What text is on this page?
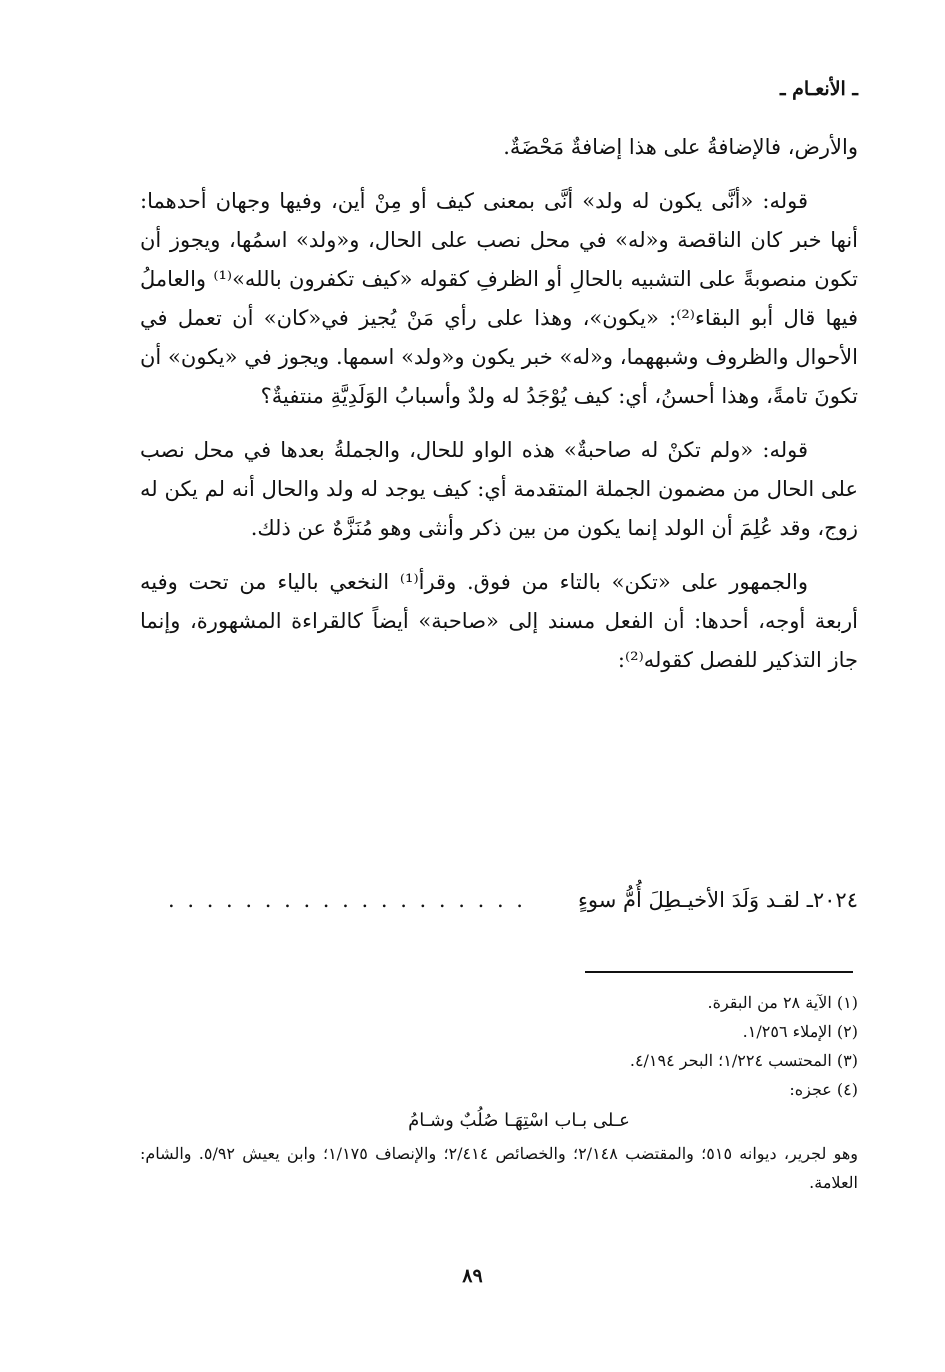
ـ الأنعـام ـ

والأرض، فالإضافةُ على هذا إضافةٌ مَحْضَةٌ.

قوله: «أنَّى يكون له ولد» أنَّى بمعنى كيف أو مِنْ أين، وفيها وجهان أحدهما: أنها خبر كان الناقصة و«له» في محل نصب على الحال، و«ولد» اسمُها، ويجوز أن تكون منصوبةً على التشبيه بالحالِ أو الظرفِ كقوله «كيف تكفرون بالله»⁽¹⁾ والعاملُ فيها قال أبو البقاء⁽²⁾: «يكون»، وهذا على رأي مَنْ يُجيز في«كان» أن تعمل في الأحوال والظروف وشبههما، و«له» خبر يكون و«ولد» اسمها. ويجوز في «يكون» أن تكونَ تامةً، وهذا أحسنُ، أي: كيف يُوْجَدُ له ولدٌ وأسبابُ الوَلَدِيَّةِ منتفيةٌ؟

قوله: «ولم تكنْ له صاحبةٌ» هذه الواو للحال، والجملةُ بعدها في محل نصب على الحال من مضمون الجملة المتقدمة أي: كيف يوجد له ولد والحال أنه لم يكن له زوج، وقد عُلِمَ أن الولد إنما يكون من بين ذكر وأنثى وهو مُنَزَّهٌ عن ذلك.

والجمهور على «تكن» بالتاء من فوق. وقرأ⁽¹⁾ النخعي بالياء من تحت وفيه أربعة أوجه، أحدها: أن الفعل مسند إلى «صاحبة» أيضاً كالقراءة المشهورة، وإنما جاز التذكير للفصل كقوله⁽²⁾:

٢٠٢٤ـ لقـد وَلَدَ الأخيـطِلَ أُمُّ سوءٍ
. . . . . . . . . . . . . . . . . . .

(١) الآية ٢٨ من البقرة.

(٢) الإملاء ١/٢٥٦.

(٣) المحتسب ١/٢٢٤؛ البحر ٤/١٩٤.

(٤) عجزه:

عـلى بـاب اسْتِهَـا صُلُبٌ وشـامُ

وهو لجرير، ديوانه ٥١٥؛ والمقتضب ٢/١٤٨؛ والخصائص ٢/٤١٤؛ والإنصاف ١/١٧٥؛ وابن يعيش ٥/٩٢. والشام: العلامة.

٨٩
